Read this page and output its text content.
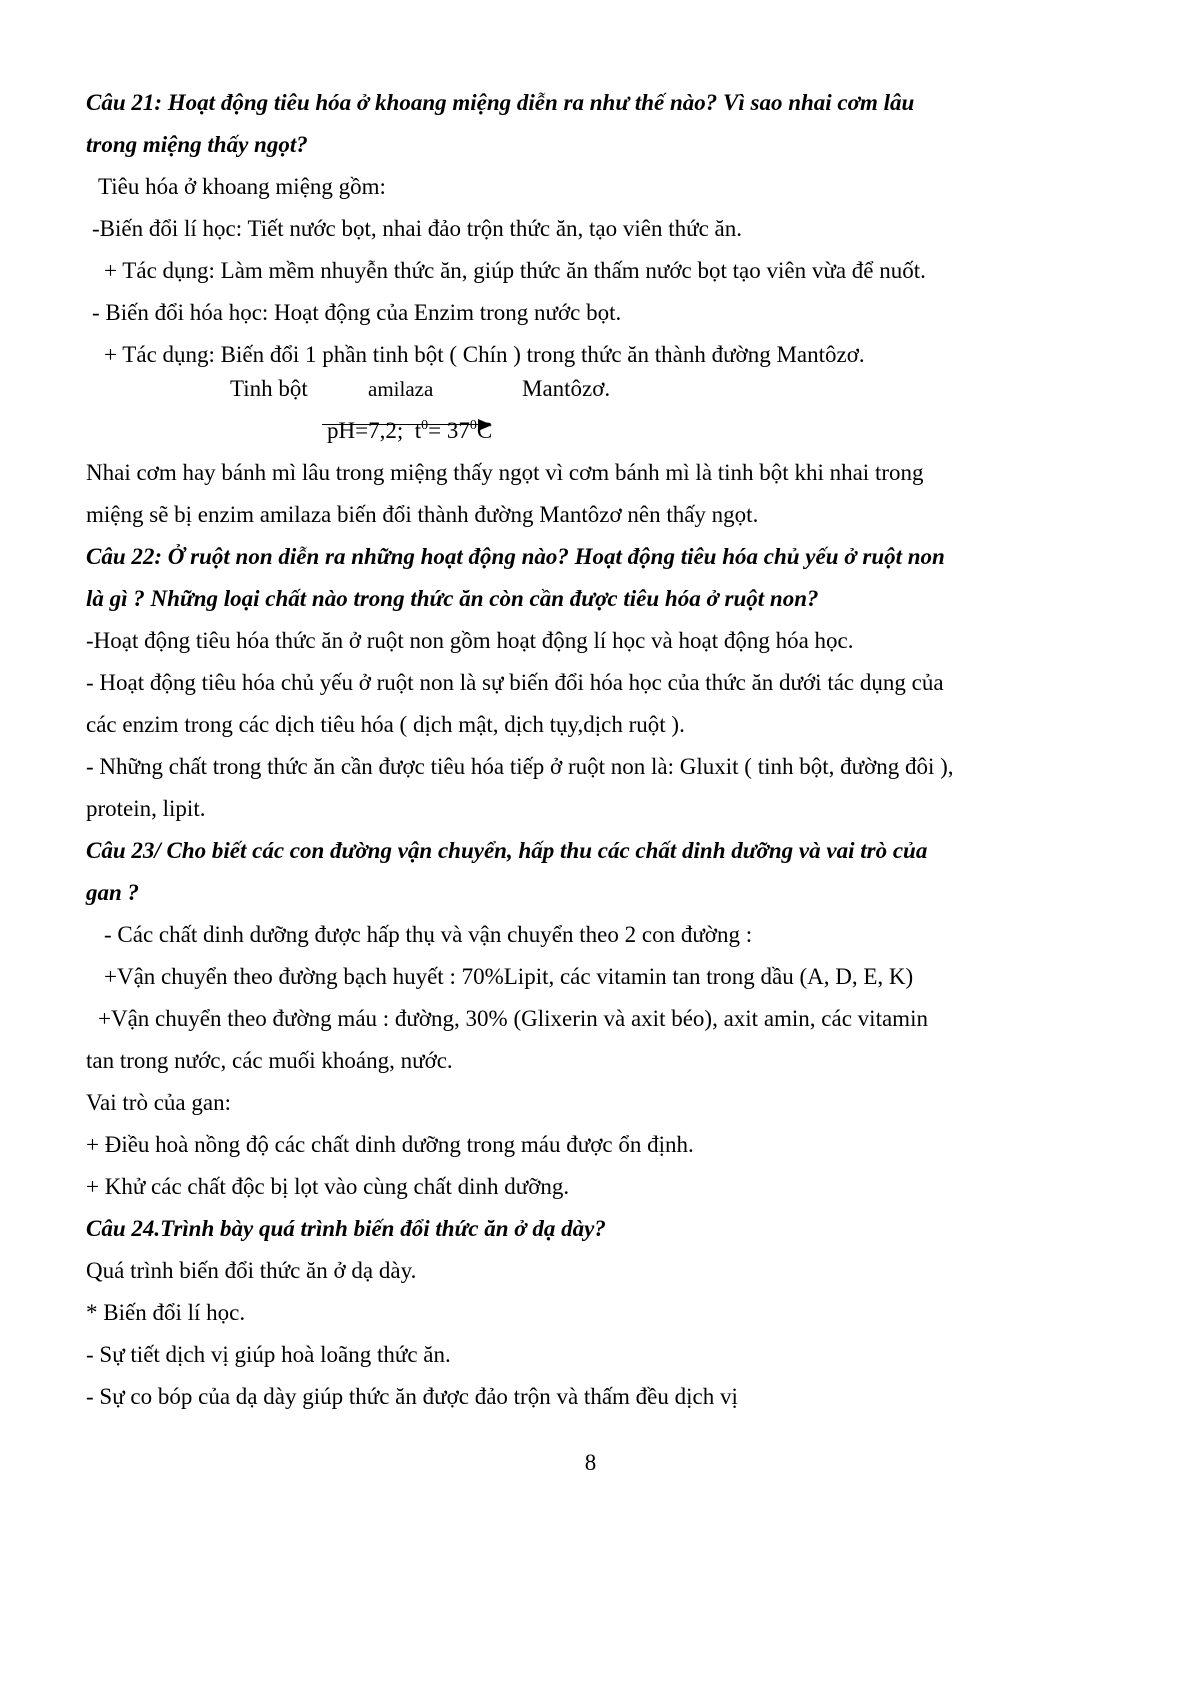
Câu 21: Hoạt động tiêu hóa ở khoang miệng diễn ra như thế nào? Vì sao nhai cơm lâu
trong miệng thấy ngọt?
Tiêu hóa ở khoang miệng gồm:
-Biến đổi lí học: Tiết nước bọt, nhai đảo trộn thức ăn, tạo viên thức ăn.
+ Tác dụng: Làm mềm nhuyễn thức ăn, giúp thức ăn thấm nước bọt tạo viên vừa để nuốt.
- Biến đổi hóa học: Hoạt động của Enzim trong nước bọt.
+ Tác dụng: Biến đổi 1 phần tinh bột ( Chín ) trong thức ăn thành đường Mantôzơ.
Tinh bột	amilaza	Mantôzơ.
pH=7,2; $t^0= 37^0C$
Nhai cơm hay bánh mì lâu trong miệng thấy ngọt vì cơm bánh mì là tinh bột khi nhai trong
miệng sẽ bị enzim amilaza biến đổi thành đường Mantôzơ nên thấy ngọt.
Câu 22: Ở ruột non diễn ra những hoạt động nào? Hoạt động tiêu hóa chủ yếu ở ruột non
là gì ? Những loại chất nào trong thức ăn còn cần được tiêu hóa ở ruột non?
-Hoạt động tiêu hóa thức ăn ở ruột non gồm hoạt động lí học và hoạt động hóa học.
- Hoạt động tiêu hóa chủ yếu ở ruột non là sự biến đổi hóa học của thức ăn dưới tác dụng của
các enzim trong các dịch tiêu hóa ( dịch mật, dịch tụy,dịch ruột ).
- Những chất trong thức ăn cần được tiêu hóa tiếp ở ruột non là: Gluxit ( tinh bột, đường đôi ),
protein, lipit.
Câu 23/ Cho biết các con đường vận chuyển, hấp thu các chất dinh dưỡng và vai trò của
gan ?
- Các chất dinh dưỡng được hấp thụ và vận chuyển theo 2 con đường :
+Vận chuyển theo đường bạch huyết : 70%Lipit, các vitamin tan trong dầu (A, D, E, K)
+Vận chuyển theo đường máu : đường, 30% (Glixerin và axit béo), axit amin, các vitamin
tan trong nước, các muối khoáng, nước.
Vai trò của gan:
+ Điều hoà nồng độ các chất dinh dưỡng trong máu được ổn định.
+ Khử các chất độc bị lọt vào cùng chất dinh dưỡng.
Câu 24.Trình bày quá trình biến đổi thức ăn ở dạ dày?
Quá trình biến đổi thức ăn ở dạ dày.
* Biến đổi lí học.
- Sự tiết dịch vị giúp hoà loãng thức ăn.
- Sự co bóp của dạ dày giúp thức ăn được đảo trộn và thấm đều dịch vị
8
